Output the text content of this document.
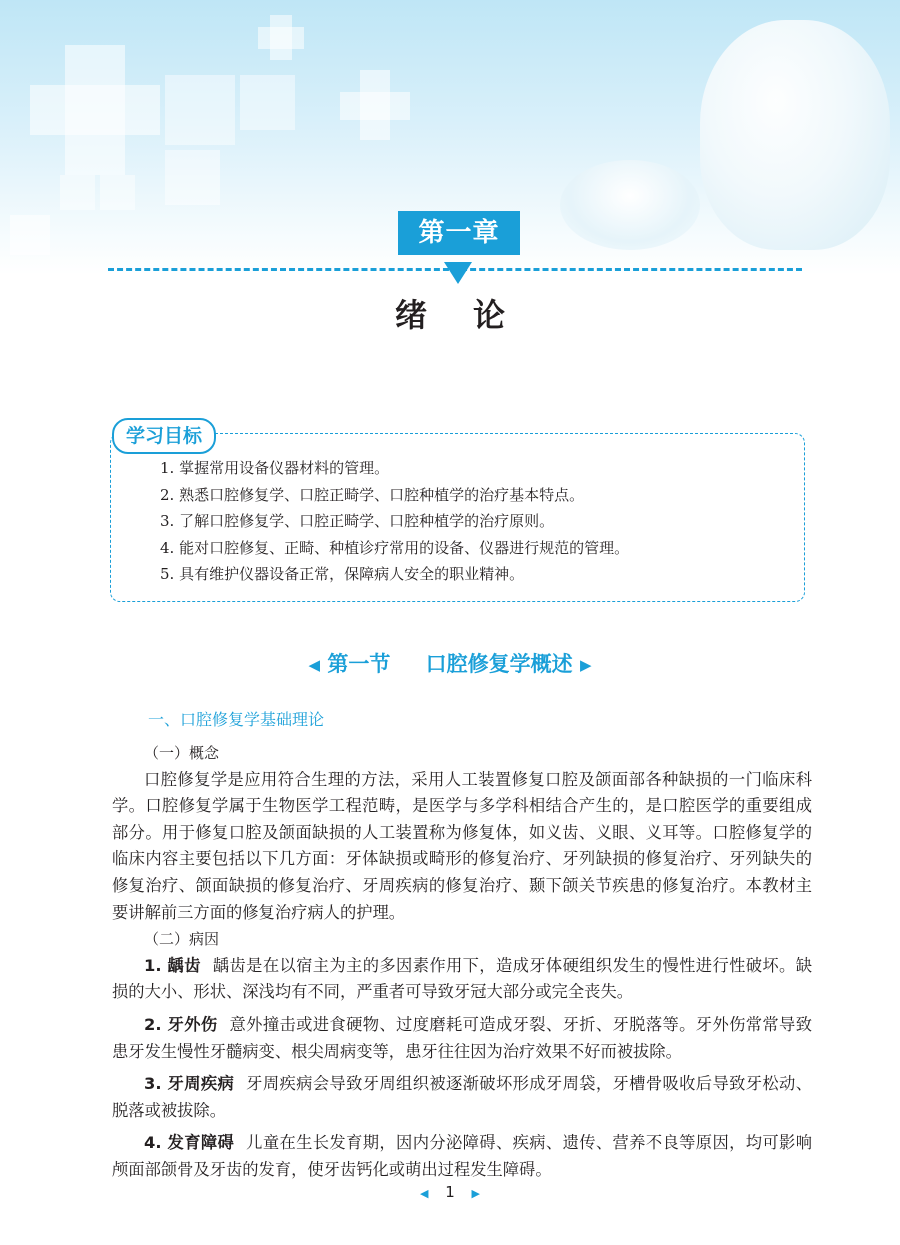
第一章
绪论
学习目标
1. 掌握常用设备仪器材料的管理。
2. 熟悉口腔修复学、口腔正畸学、口腔种植学的治疗基本特点。
3. 了解口腔修复学、口腔正畸学、口腔种植学的治疗原则。
4. 能对口腔修复、正畸、种植诊疗常用的设备、仪器进行规范的管理。
5. 具有维护仪器设备正常，保障病人安全的职业精神。
◀ 第一节 口腔修复学概述 ▶
一、口腔修复学基础理论
（一）概念

口腔修复学是应用符合生理的方法，采用人工装置修复口腔及颌面部各种缺损的一门临床科学。口腔修复学属于生物医学工程范畴，是医学与多学科相结合产生的，是口腔医学的重要组成部分。用于修复口腔及颌面缺损的人工装置称为修复体，如义齿、义眼、义耳等。口腔修复学的临床内容主要包括以下几方面：牙体缺损或畸形的修复治疗、牙列缺损的修复治疗、牙列缺失的修复治疗、颌面缺损的修复治疗、牙周疾病的修复治疗、颞下颌关节疾患的修复治疗。本教材主要讲解前三方面的修复治疗病人的护理。

（二）病因

1. 龋齿 龋齿是在以宿主为主的多因素作用下，造成牙体硬组织发生的慢性进行性破坏。缺损的大小、形状、深浅均有不同，严重者可导致牙冠大部分或完全丧失。

2. 牙外伤 意外撞击或进食硬物、过度磨耗可造成牙裂、牙折、牙脱落等。牙外伤常常导致患牙发生慢性牙髓病变、根尖周病变等，患牙往往因为治疗效果不好而被拔除。

3. 牙周疾病 牙周疾病会导致牙周组织被逐渐破坏形成牙周袋，牙槽骨吸收后导致牙松动、脱落或被拔除。

4. 发育障碍 儿童在生长发育期，因内分泌障碍、疾病、遗传、营养不良等原因，均可影响颅面部颌骨及牙齿的发育，使牙齿钙化或萌出过程发生障碍。

◀ 1 ▶
